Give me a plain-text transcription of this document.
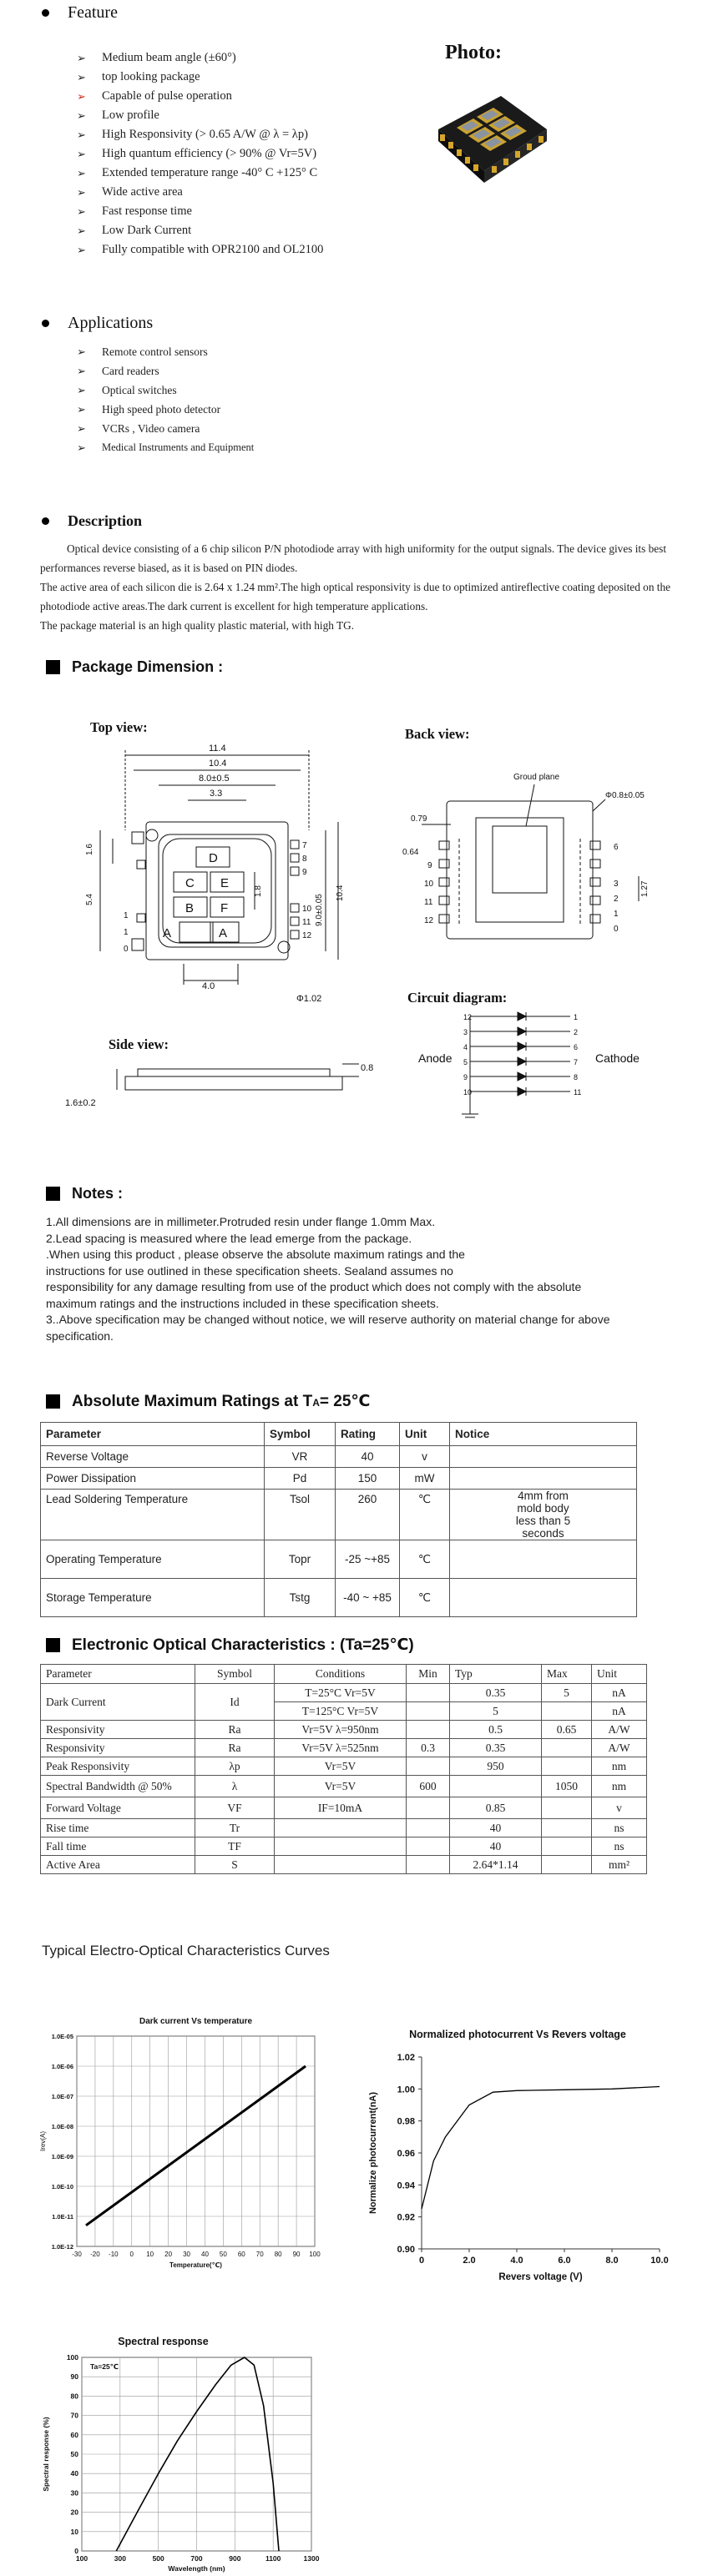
Feature
➢	Medium beam angle (±60°)
➢	top looking package
➢	Capable of pulse operation
➢	Low profile
➢	High Responsivity (> 0.65 A/W @ λ = λp)
➢	High quantum efficiency (> 90% @ Vr=5V)
➢	Extended temperature range -40° C +125° C
➢	Wide active area
➢	Fast response time
➢	Low Dark Current
➢	Fully compatible with OPR2100 and OL2100
Photo:
Applications
➢	Remote control sensors
➢	Card readers
➢	Optical switches
➢	High speed photo detector
➢	VCRs , Video camera
➢	Medical Instruments and Equipment
Description

Optical device consisting of a 6 chip silicon P/N photodiode array with high uniformity for the output signals. The device gives its best performances reverse biased, as it is based on PIN diodes.

The active area of each silicon die is 2.64 x 1.24 mm².The high optical responsivity is due to optimized antireflective coating deposited on the photodiode active areas.The dark current is excellent for high temperature applications.

The package material is an high quality plastic material, with high TG.

Package Dimension :
Top view:	Back view:
Side view:
Circuit diagram:
11.4
10.4
8.0±0.5
3.3
1.6
5.4
1.8
9.0±0.05
10.4
4.0
Φ1.02
D
C E
B F
A	A
1
0
1
7
8
9
10
11
12
Groud plane
Φ0.8±0.05
0.79
0.64
1.27
9
10
11
12
6
3
2
1
0
0.8
1.6±0.2
Anode	Cathode
12
3
4
5
9
10
1
2
6
7
8
11
Notes :

1.All dimensions are in millimeter.Protruded resin under flange 1.0mm Max.

2.Lead spacing is measured where the lead emerge from the package.

.When using this product , please observe the absolute maximum ratings and the

instructions for use outlined in these specification sheets. Sealand assumes no

responsibility for any damage resulting from use of the product which does not comply with the absolute

maximum ratings and the instructions included in these specification sheets.

3..Above specification may be changed without notice, we will reserve authority on material change for above

specification.

Absolute Maximum Ratings at TA= 25℃
Parameter	Symbol	Rating	Unit	Notice
Reverse Voltage	VR	40	v	
Power Dissipation	Pd	150	mW	
Lead Soldering Temperature	Tsol	260	℃	4mm from mold body less than 5 seconds
Operating Temperature	Topr	-25 ~+85	℃	
Storage Temperature	Tstg	-40 ~ +85	℃	
Electronic Optical Characteristics : (Ta=25℃)
Parameter	Symbol	Conditions	Min	Typ	Max	Unit
Dark Current	Id	T=25°C Vr=5V		0.35	5	nA
		T=125°C Vr=5V		5		nA
Responsivity	Ra	Vr=5V λ=950nm		0.5	0.65	A/W
Responsivity	Ra	Vr=5V λ=525nm	0.3	0.35		A/W
Peak Responsivity	λp	Vr=5V		950		nm
Spectral Bandwidth @ 50%	λ	Vr=5V	600		1050	nm
Forward Voltage	VF	IF=10mA		0.85		v
Rise time	Tr			40		ns
Fall time	TF			40		ns
Active Area	S			2.64*1.14		mm²
Typical Electro-Optical Characteristics Curves
Dark current Vs temperature
-30 -20 -10 0 10 20 30 40 50 60 70 80 90 100
1.0E-05
1.0E-06
1.0E-07
1.0E-08
1.0E-09
1.0E-10
1.0E-11
1.0E-12
Temperature(℃)
Irev(A)
Normalized photocurrent Vs Revers voltage
0	2.0	4.0	6.0	8.0	10.0
1.02
1.00
0.98
0.96
0.94
0.92
0.90
Revers voltage (V)
Normalize photocurrent(nA)
Spectral response
100	300	500	700	900	1100	1300
100
90
80
70
60
50
40
30
20
10
0
Ta=25℃
Wavelength (nm)
Spectral response (%)
